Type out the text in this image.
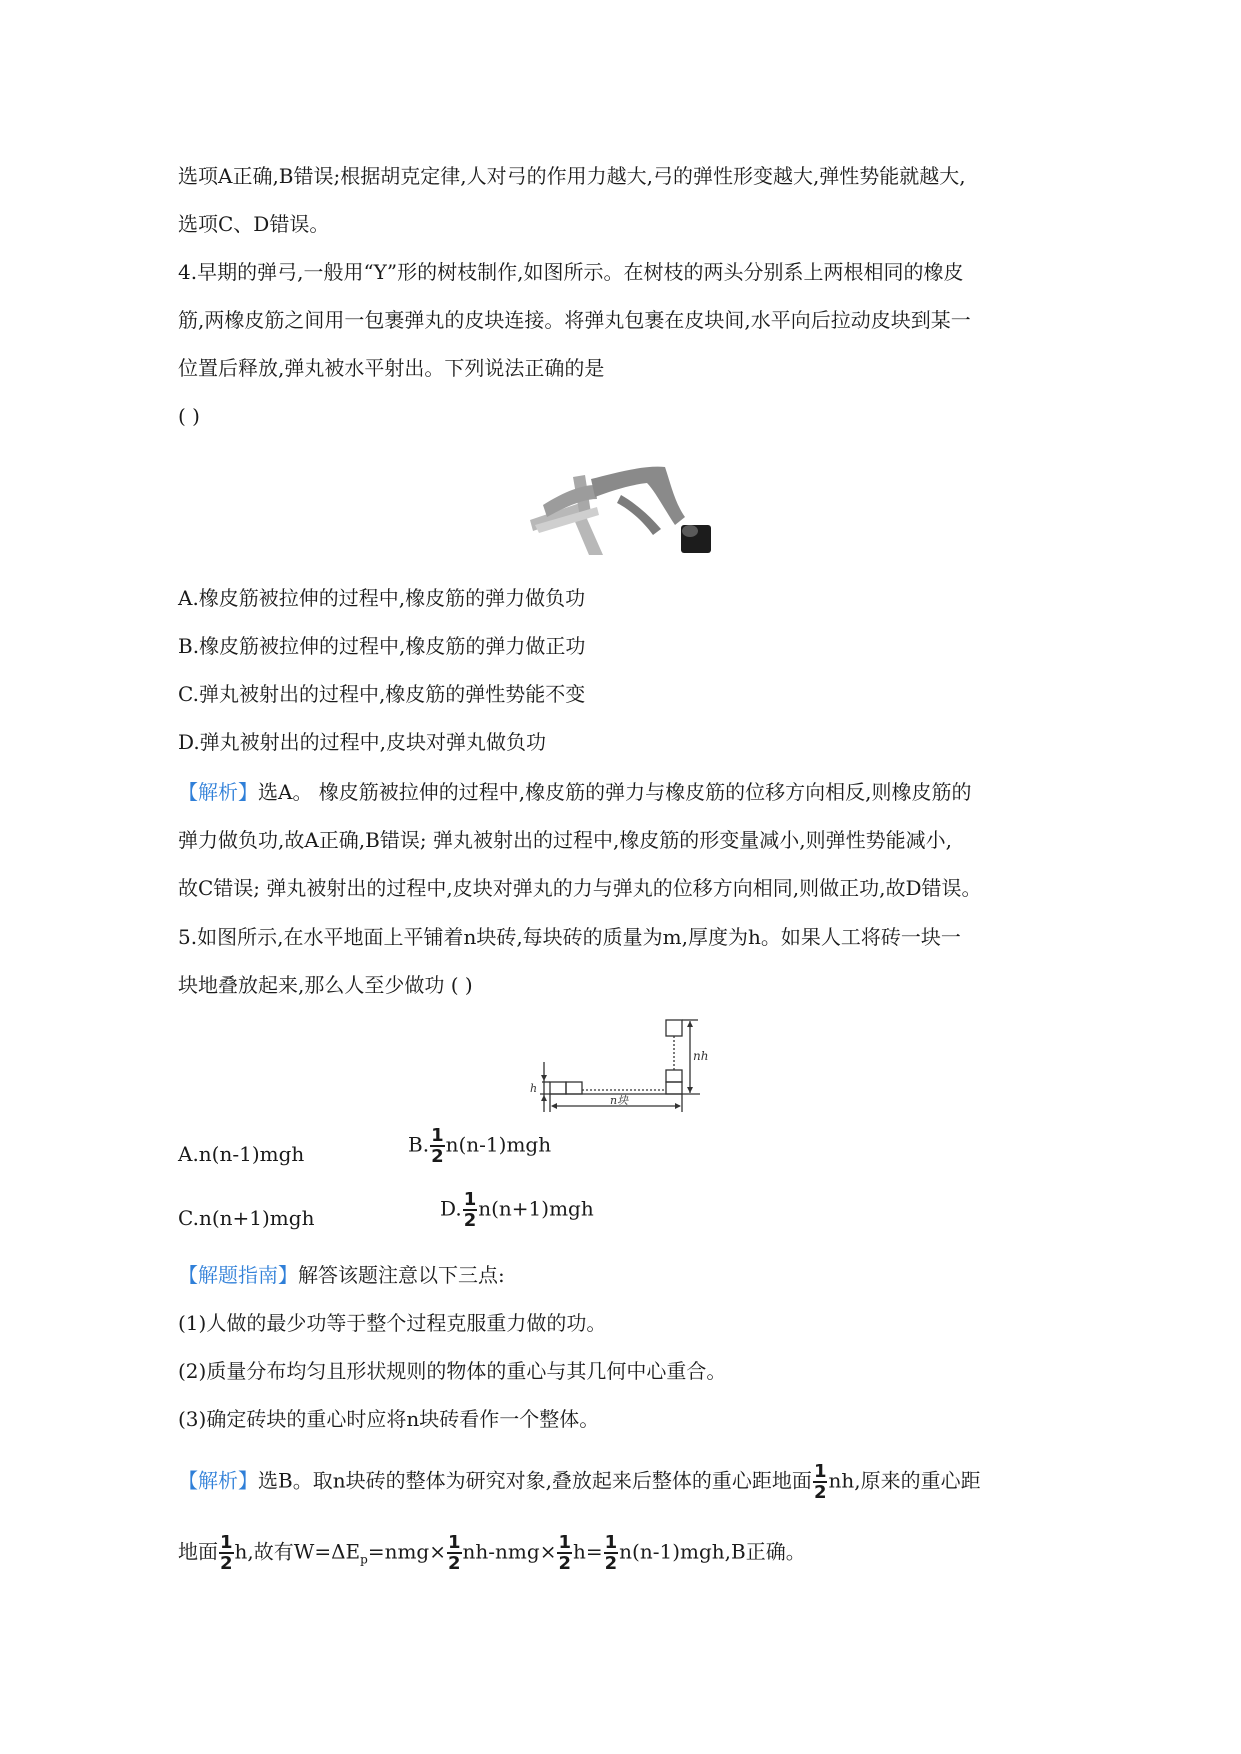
选项A正确,B错误;根据胡克定律,人对弓的作用力越大,弓的弹性形变越大,弹性势能就越大,
选项C、D错误。
4.早期的弹弓,一般用“Y”形的树枝制作,如图所示。在树枝的两头分别系上两根相同的橡皮
筋,两橡皮筋之间用一包裹弹丸的皮块连接。将弹丸包裹在皮块间,水平向后拉动皮块到某一
位置后释放,弹丸被水平射出。下列说法正确的是
( )
A.橡皮筋被拉伸的过程中,橡皮筋的弹力做负功
B.橡皮筋被拉伸的过程中,橡皮筋的弹力做正功
C.弹丸被射出的过程中,橡皮筋的弹性势能不变
D.弹丸被射出的过程中,皮块对弹丸做负功
【解析】选A。 橡皮筋被拉伸的过程中,橡皮筋的弹力与橡皮筋的位移方向相反,则橡皮筋的
弹力做负功,故A正确,B错误; 弹丸被射出的过程中,橡皮筋的形变量减小,则弹性势能减小,
故C错误; 弹丸被射出的过程中,皮块对弹丸的力与弹丸的位移方向相同,则做正功,故D错误。
5.如图所示,在水平地面上平铺着n块砖,每块砖的质量为m,厚度为h。如果人工将砖一块一
块地叠放起来,那么人至少做功 ( )
nh
h
n块
A.n(n-1)mgh	B. $\frac{1}{2} n(n-1)mgh$
C.n(n+1)mgh	D. $\frac{1}{2} n(n+1)mgh$
【解题指南】解答该题注意以下三点:
(1)人做的最少功等于整个过程克服重力做的功。
(2)质量分布均匀且形状规则的物体的重心与其几何中心重合。
(3)确定砖块的重心时应将n块砖看作一个整体。
【解析】选B。取n块砖的整体为研究对象,叠放起来后整体的重心距地面 $\frac{1}{2}$ nh,原来的重心距
地面 $\frac{1}{2} h$,故有$W=\Delta E_p=nmg\times \frac{1}{2} nh-nmg\times \frac{1}{2} h= \frac{1}{2} n(n-1)mgh,B$正确。
